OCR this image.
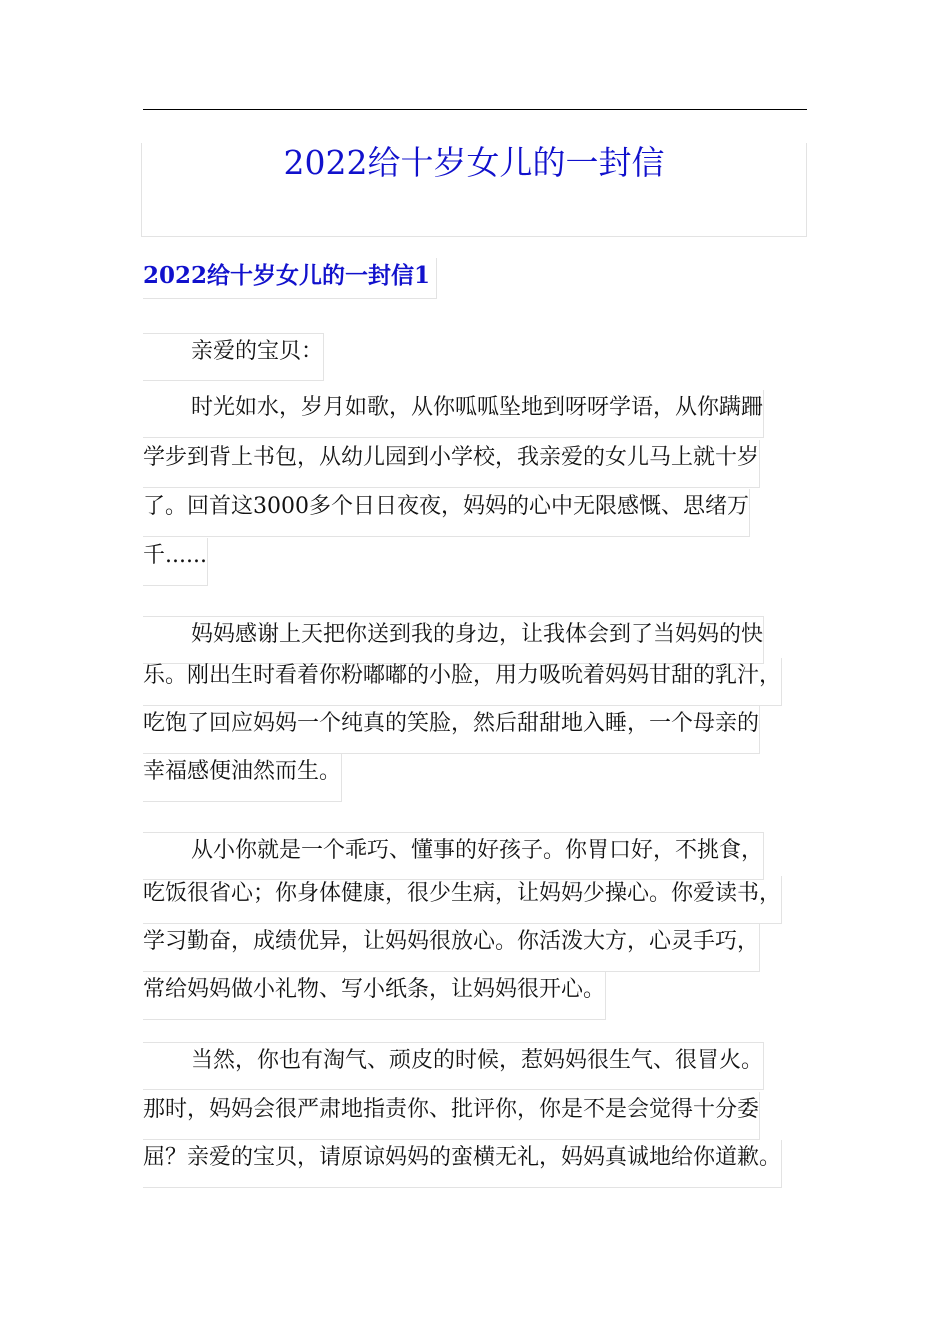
2022给十岁女儿的一封信
2022给十岁女儿的一封信1
亲爱的宝贝：
时光如水，岁月如歌，从你呱呱坠地到呀呀学语，从你蹒跚
学步到背上书包，从幼儿园到小学校，我亲爱的女儿马上就十岁
了。回首这3000多个日日夜夜，妈妈的心中无限感慨、思绪万
千......
妈妈感谢上天把你送到我的身边，让我体会到了当妈妈的快
乐。刚出生时看着你粉嘟嘟的小脸，用力吸吮着妈妈甘甜的乳汁，
吃饱了回应妈妈一个纯真的笑脸，然后甜甜地入睡，一个母亲的
幸福感便油然而生。
从小你就是一个乖巧、懂事的好孩子。你胃口好，不挑食，
吃饭很省心；你身体健康，很少生病，让妈妈少操心。你爱读书，
学习勤奋，成绩优异，让妈妈很放心。你活泼大方，心灵手巧，
常给妈妈做小礼物、写小纸条，让妈妈很开心。
当然，你也有淘气、顽皮的时候，惹妈妈很生气、很冒火。
那时，妈妈会很严肃地指责你、批评你，你是不是会觉得十分委
屈？亲爱的宝贝，请原谅妈妈的蛮横无礼，妈妈真诚地给你道歉。
